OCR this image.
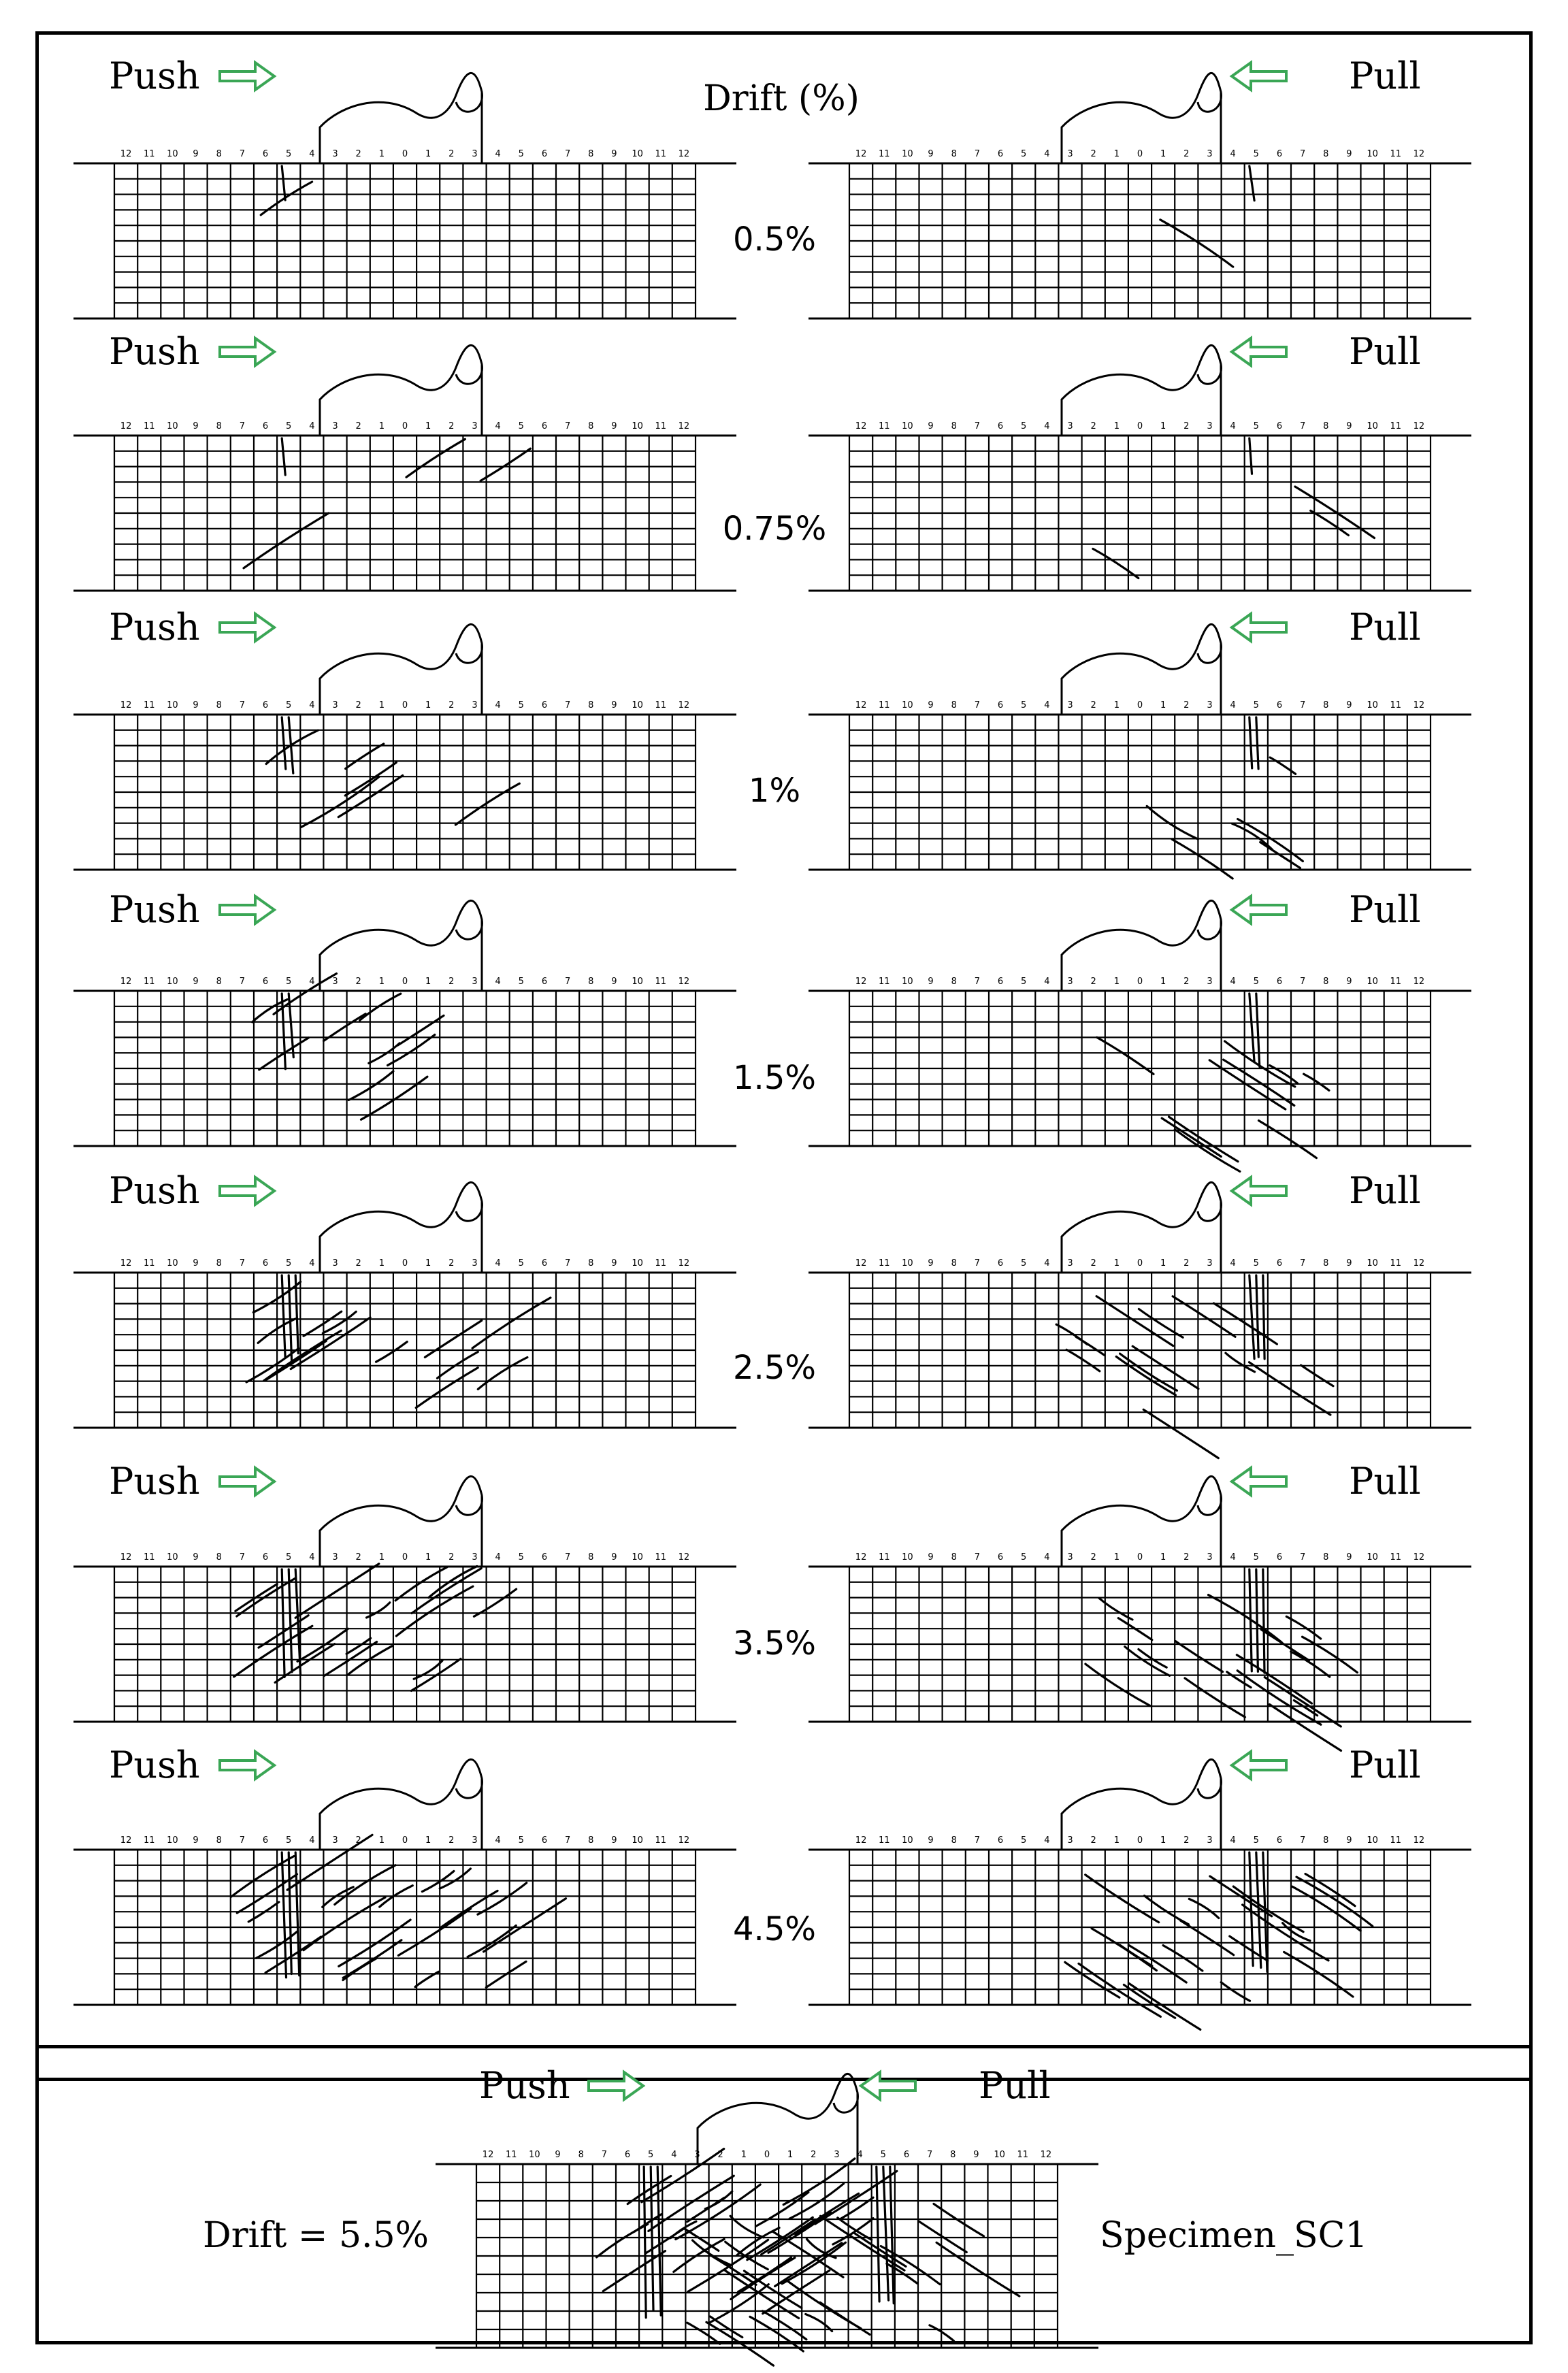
Drift (%)
12 11 10 9 8 7 6 5 4 3 2 1 0 1 2 3 4 5 6 7 8 9 10 11 12
Push
12 11 10 9 8 7 6 5 4 3 2 1 0 1 2 3 4 5 6 7 8 9 10 11 12
Pull
0.5%
12 11 10 9 8 7 6 5 4 3 2 1 0 1 2 3 4 5 6 7 8 9 10 11 12
Push
12 11 10 9 8 7 6 5 4 3 2 1 0 1 2 3 4 5 6 7 8 9 10 11 12
Pull
0.75%
12 11 10 9 8 7 6 5 4 3 2 1 0 1 2 3 4 5 6 7 8 9 10 11 12
Push
12 11 10 9 8 7 6 5 4 3 2 1 0 1 2 3 4 5 6 7 8 9 10 11 12
Pull
1%
12 11 10 9 8 7 6 5 4 3 2 1 0 1 2 3 4 5 6 7 8 9 10 11 12
Push
12 11 10 9 8 7 6 5 4 3 2 1 0 1 2 3 4 5 6 7 8 9 10 11 12
Pull
1.5%
12 11 10 9 8 7 6 5 4 3 2 1 0 1 2 3 4 5 6 7 8 9 10 11 12
Push
12 11 10 9 8 7 6 5 4 3 2 1 0 1 2 3 4 5 6 7 8 9 10 11 12
Pull
2.5%
12 11 10 9 8 7 6 5 4 3 2 1 0 1 2 3 4 5 6 7 8 9 10 11 12
Push
12 11 10 9 8 7 6 5 4 3 2 1 0 1 2 3 4 5 6 7 8 9 10 11 12
Pull
3.5%
12 11 10 9 8 7 6 5 4 3 2 1 0 1 2 3 4 5 6 7 8 9 10 11 12
Push
12 11 10 9 8 7 6 5 4 3 2 1 0 1 2 3 4 5 6 7 8 9 10 11 12
Pull
4.5%
12 11 10 9 8 7 6 5 4 3 2 1 0 1 2 3 4 5 6 7 8 9 10 11 12
Push	Pull
Drift = 5.5%	Specimen_SC1
